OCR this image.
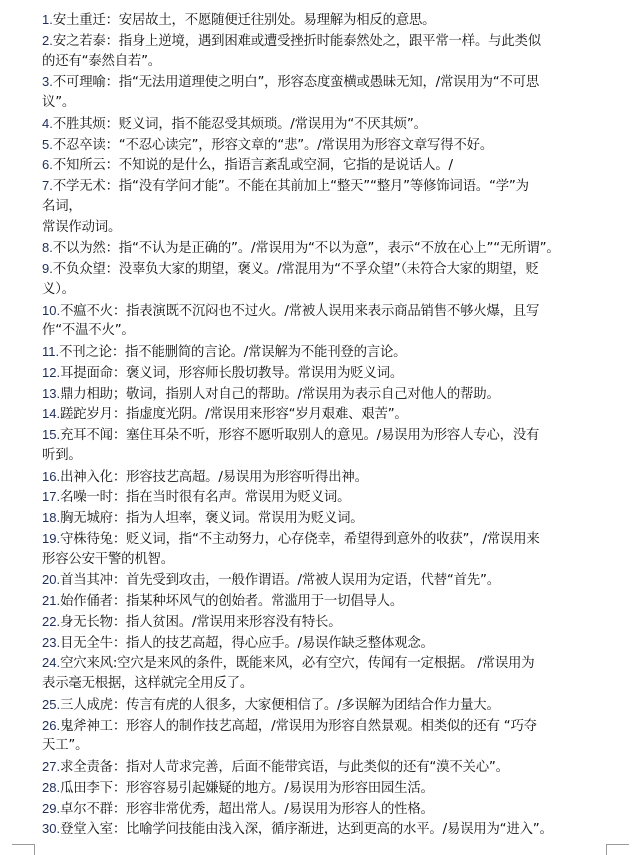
1.安土重迁：安居故土，不愿随便迁往别处。易理解为相反的意思。
2.安之若泰：指身上逆境，遇到困难或遭受挫折时能泰然处之，跟平常一样。与此类似
的还有“泰然自若”。
3.不可理喻：指“无法用道理使之明白”，形容态度蛮横或愚昧无知，/常误用为“不可思
议”。
4.不胜其烦：贬义词，指不能忍受其烦琐。/常误用为“不厌其烦”。
5.不忍卒读：“不忍心读完”，形容文章的“悲”。/常误用为形容文章写得不好。
6.不知所云：不知说的是什么，指语言紊乱或空洞，它指的是说话人。/
7.不学无术：指“没有学问才能”。不能在其前加上“整天”“整月”等修饰词语。“学”为
名词，
常误作动词。
8.不以为然：指“不认为是正确的”。/常误用为“不以为意”，表示“不放在心上”“无所谓”。
9.不负众望：没辜负大家的期望，褒义。/常混用为“不孚众望”（未符合大家的期望，贬
义）。
10.不瘟不火：指表演既不沉闷也不过火。/常被人误用来表示商品销售不够火爆，且写
作“不温不火”。
11.不刊之论：指不能删简的言论。/常误解为不能刊登的言论。
12.耳提面命：褒义词，形容师长殷切教导。常误用为贬义词。
13.鼎力相助；敬词，指别人对自己的帮助。/常误用为表示自己对他人的帮助。
14.蹉跎岁月：指虚度光阴。/常误用来形容“岁月艰难、艰苦”。
15.充耳不闻：塞住耳朵不听，形容不愿听取别人的意见。/易误用为形容人专心，没有
听到。
16.出神入化：形容技艺高超。/易误用为形容听得出神。
17.名噪一时：指在当时很有名声。常误用为贬义词。
18.胸无城府：指为人坦率，褒义词。常误用为贬义词。
19.守株待兔：贬义词，指“不主动努力，心存侥幸，希望得到意外的收获”，/常误用来
形容公安干警的机智。
20.首当其冲：首先受到攻击，一般作谓语。/常被人误用为定语，代替“首先”。
21.始作俑者：指某种坏风气的创始者。常滥用于一切倡导人。
22.身无长物：指人贫困。/常误用来形容没有特长。
23.目无全牛：指人的技艺高超，得心应手。/易误作缺乏整体观念。
24.空穴来风:空穴是来风的条件，既能来风，必有空穴，传闻有一定根据。 /常误用为
表示毫无根据，这样就完全用反了。
25.三人成虎：传言有虎的人很多，大家便相信了。/多误解为团结合作力量大。
26.鬼斧神工：形容人的制作技艺高超，/常误用为形容自然景观。相类似的还有 “巧夺
天工”。
27.求全责备：指对人苛求完善，后面不能带宾语，与此类似的还有“漠不关心”。
28.瓜田李下：形容容易引起嫌疑的地方。/易误用为形容田园生活。
29.卓尔不群：形容非常优秀，超出常人。/易误用为形容人的性格。
30.登堂入室：比喻学问技能由浅入深，循序渐进，达到更高的水平。/易误用为“进入”。
